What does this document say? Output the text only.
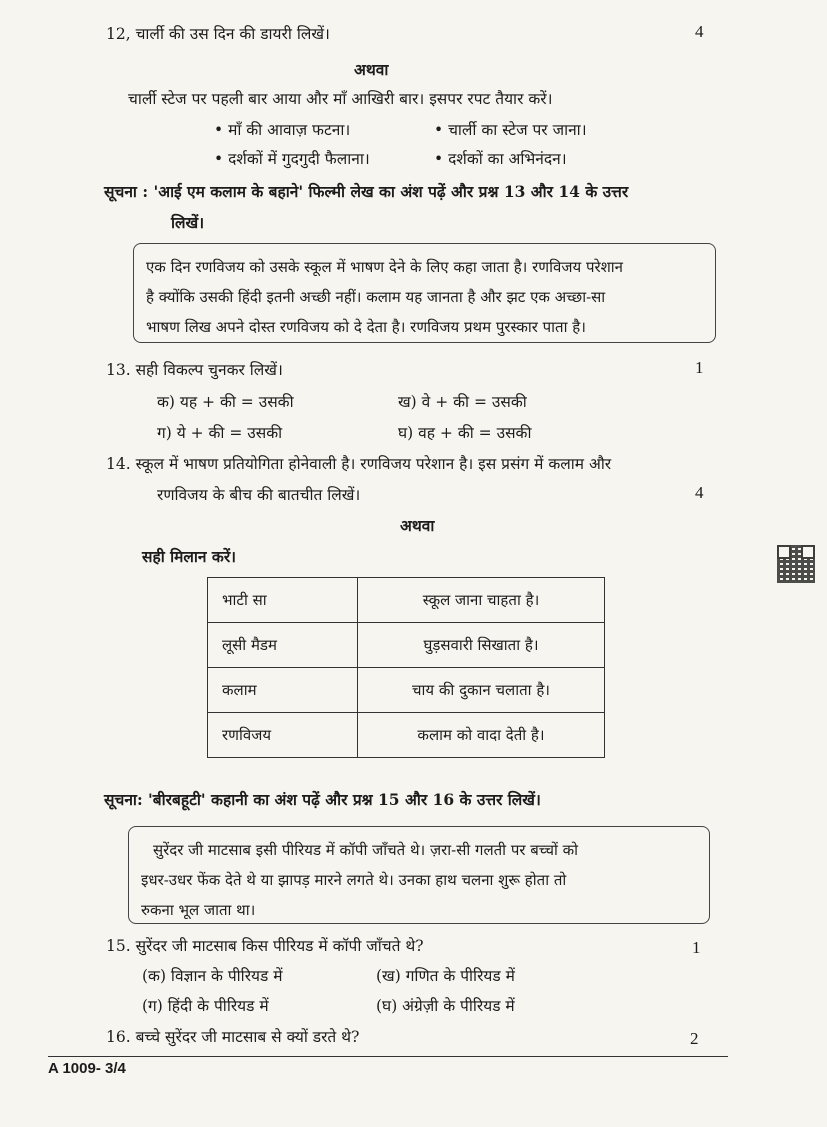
12, चार्ली की उस दिन की डायरी लिखें।	4
अथवा
चार्ली स्टेज पर पहली बार आया और माँ आखिरी बार। इसपर रपट तैयार करें।
• माँ की आवाज़ फटना।	• चार्ली का स्टेज पर जाना।
• दर्शकों में गुदगुदी फैलाना।	• दर्शकों का अभिनंदन।
सूचना : 'आई एम कलाम के बहाने' फिल्मी लेख का अंश पढ़ें और प्रश्न 13 और 14 के उत्तर
लिखें।
एक दिन रणविजय को उसके स्कूल में भाषण देने के लिए कहा जाता है। रणविजय परेशान
है क्योंकि उसकी हिंदी इतनी अच्छी नहीं। कलाम यह जानता है और झट एक अच्छा-सा
भाषण लिख अपने दोस्त रणविजय को दे देता है। रणविजय प्रथम पुरस्कार पाता है।
13. सही विकल्प चुनकर लिखें।	1
क) यह + की = उसकी	ख) वे + की = उसकी
ग) ये + की = उसकी	घ) वह + की = उसकी
14. स्कूल में भाषण प्रतियोगिता होनेवाली है। रणविजय परेशान है। इस प्रसंग में कलाम और
रणविजय के बीच की बातचीत लिखें।	4
अथवा
सही मिलान करें।
भाटी सा	स्कूल जाना चाहता है।
लूसी मैडम	घुड़सवारी सिखाता है।
कलाम	चाय की दुकान चलाता है।
रणविजय	कलाम को वादा देती है।
सूचना: 'बीरबहूटी' कहानी का अंश पढ़ें और प्रश्न 15 और 16 के उत्तर लिखें।
सुरेंदर जी माटसाब इसी पीरियड में कॉपी जाँचते थे। ज़रा-सी गलती पर बच्चों को
इधर-उधर फेंक देते थे या झापड़ मारने लगते थे। उनका हाथ चलना शुरू होता तो
रुकना भूल जाता था।
15. सुरेंदर जी माटसाब किस पीरियड में कॉपी जाँचते थे?	1
(क) विज्ञान के पीरियड में	(ख) गणित के पीरियड में
(ग) हिंदी के पीरियड में	(घ) अंग्रेज़ी के पीरियड में
16. बच्चे सुरेंदर जी माटसाब से क्यों डरते थे?	2
A 1009- 3/4
